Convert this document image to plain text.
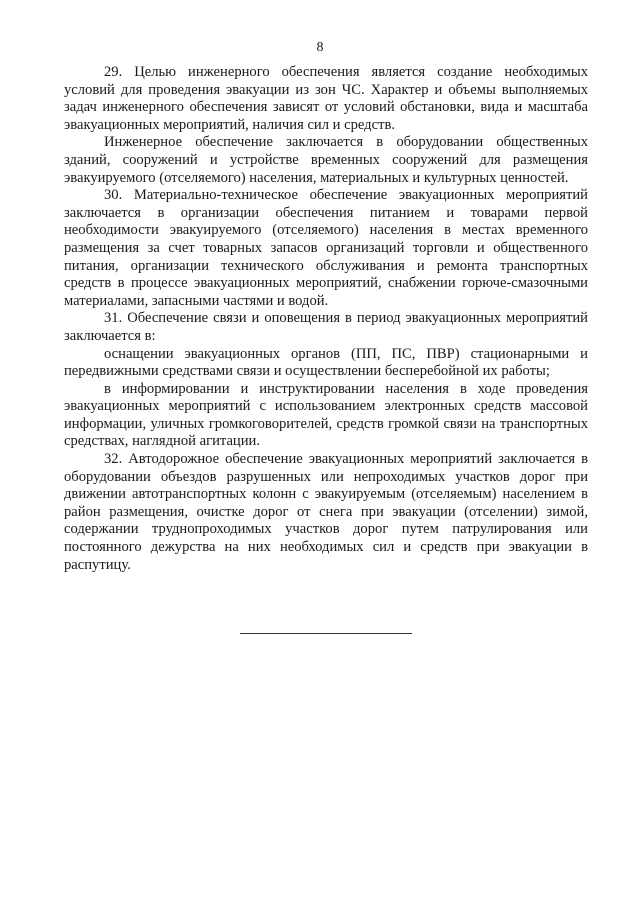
8

29. Целью инженерного обеспечения является создание необходимых условий для проведения эвакуации из зон ЧС. Характер и объемы выполняемых задач инженерного обеспечения зависят от условий обстановки, вида и масштаба эвакуационных мероприятий, наличия сил и средств.

Инженерное обеспечение заключается в оборудовании общественных зданий, сооружений и устройстве временных сооружений для размещения эвакуируемого (отселяемого) населения, материальных и культурных ценностей.

30. Материально-техническое обеспечение эвакуационных мероприятий заключается в организации обеспечения питанием и товарами первой необходимости эвакуируемого (отселяемого) населения в местах временного размещения за счет товарных запасов организаций торговли и общественного питания, организации технического обслуживания и ремонта транспортных средств в процессе эвакуационных мероприятий, снабжении горюче-смазочными материалами, запасными частями и водой.

31. Обеспечение связи и оповещения в период эвакуационных мероприятий заключается в:

оснащении эвакуационных органов (ПП, ПС, ПВР) стационарными и передвижными средствами связи и осуществлении бесперебойной их работы;

в информировании и инструктировании населения в ходе проведения эвакуационных мероприятий с использованием электронных средств массовой информации, уличных громкоговорителей, средств громкой связи на транспортных средствах, наглядной агитации.

32. Автодорожное обеспечение эвакуационных мероприятий заключается в оборудовании объездов разрушенных или непроходимых участков дорог при движении автотранспортных колонн с эвакуируемым (отселяемым) населением в район размещения, очистке дорог от снега при эвакуации (отселении) зимой, содержании труднопроходимых участков дорог путем патрулирования или постоянного дежурства на них необходимых сил и средств при эвакуации в распутицу.
